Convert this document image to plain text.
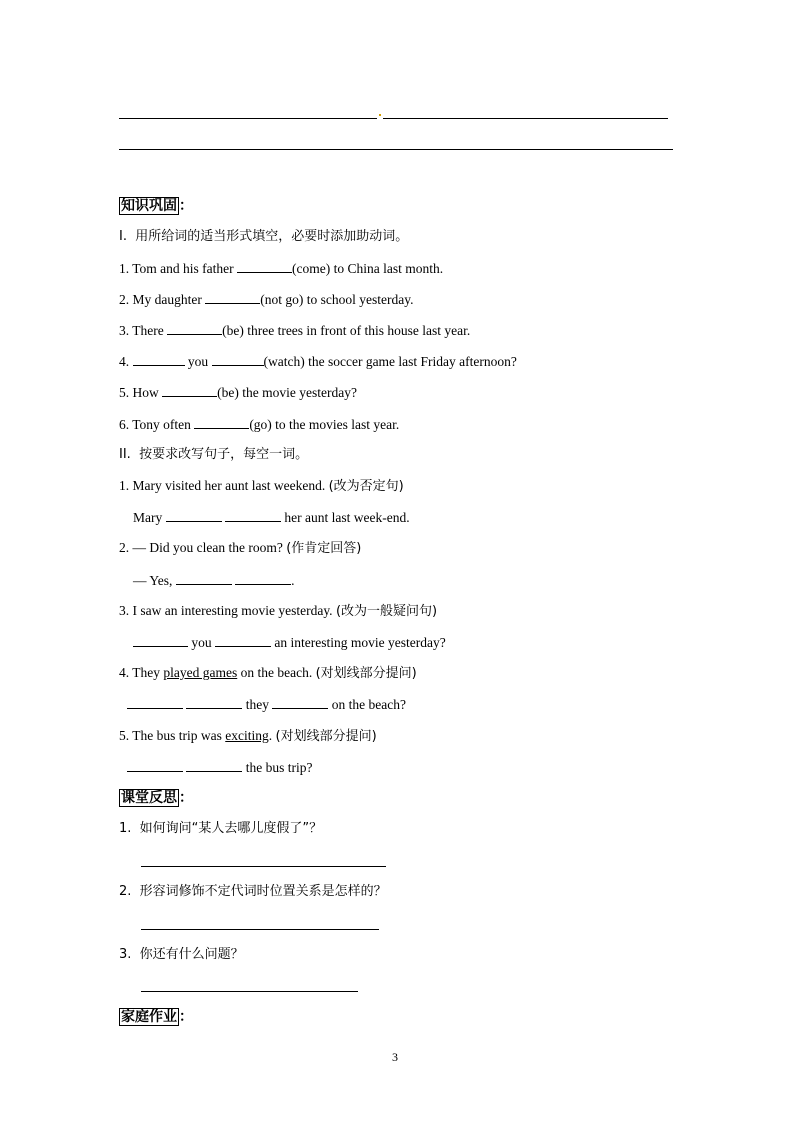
知识巩固 ：
I.  用所给词的适当形式填空，必要时添加助动词。
1. Tom and his father	(come) to China last month.
2. My daughter	(not go) to school yesterday.
3. There	(be) three trees in front of this house last year.
4.	you	(watch) the soccer game last Friday afternoon?
5. How	(be) the movie yesterday?
6. Tony often	(go) to the movies last year.
II.  按要求改写句子，每空一词。
1. Mary visited her aunt last weekend. (改为否定句)
Mary	her aunt last week-end.
2. — Did you clean the room? (作肯定回答)
— Yes,	.
3. I saw an interesting movie yesterday. (改为一般疑问句)
you	an interesting movie yesterday?
4. They played games on the beach. (对划线部分提问)
they	on the beach?
5. The bus trip was exciting. (对划线部分提问)
the bus trip?
课堂反思 ：
1.  如何询问“某人去哪儿度假了”？
2.  形容词修饰不定代词时位置关系是怎样的？
3.  你还有什么问题？
家庭作业 ：
3
